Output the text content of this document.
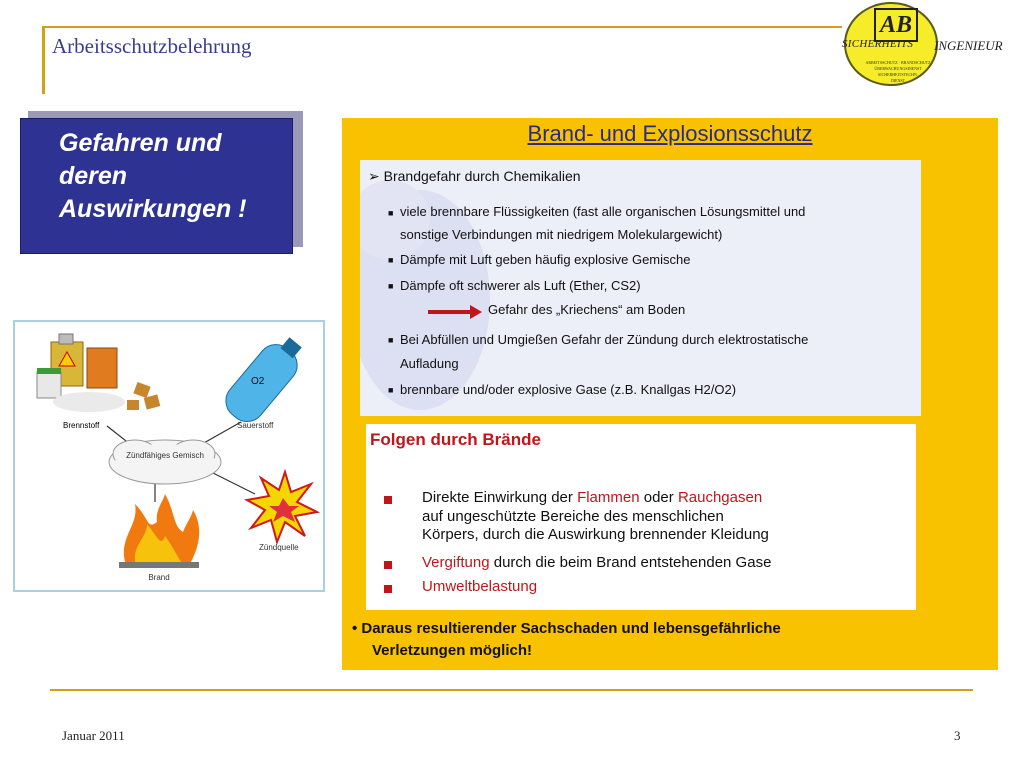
Arbeitsschutzbelehrung
AB
ARBEITSSCHUTZ · BRANDSCHUTZ
ÜBERWACHUNGSDIENST
SICHERHEITSTECHN.
DIENST
SICHERHEITS INGENIEUR
Gefahren und deren Auswirkungen !
O2
Brennstoff	Sauerstoff
Zündfähiges Gemisch
Zündquelle
Brand
Brand- und Explosionsschutz
➢ Brandgefahr durch Chemikalien
■ viele brennbare Flüssigkeiten (fast alle organischen Lösungsmittel und
sonstige Verbindungen mit niedrigem Molekulargewicht)
■ Dämpfe mit Luft geben häufig explosive Gemische
■ Dämpfe oft schwerer als Luft (Ether, CS2)
Gefahr des „Kriechens“ am Boden
■ Bei Abfüllen und Umgießen Gefahr der Zündung durch elektrostatische
Aufladung
■ brennbare und/oder explosive Gase (z.B. Knallgas H2/O2)
Folgen durch Brände
Direkte Einwirkung der Flammen oder Rauchgasen
auf ungeschützte Bereiche des menschlichen
Körpers, durch die Auswirkung brennender Kleidung
Vergiftung durch die beim Brand entstehenden Gase
Umweltbelastung
• Daraus resultierender Sachschaden und lebensgefährliche
Verletzungen möglich!
Januar 2011	3
